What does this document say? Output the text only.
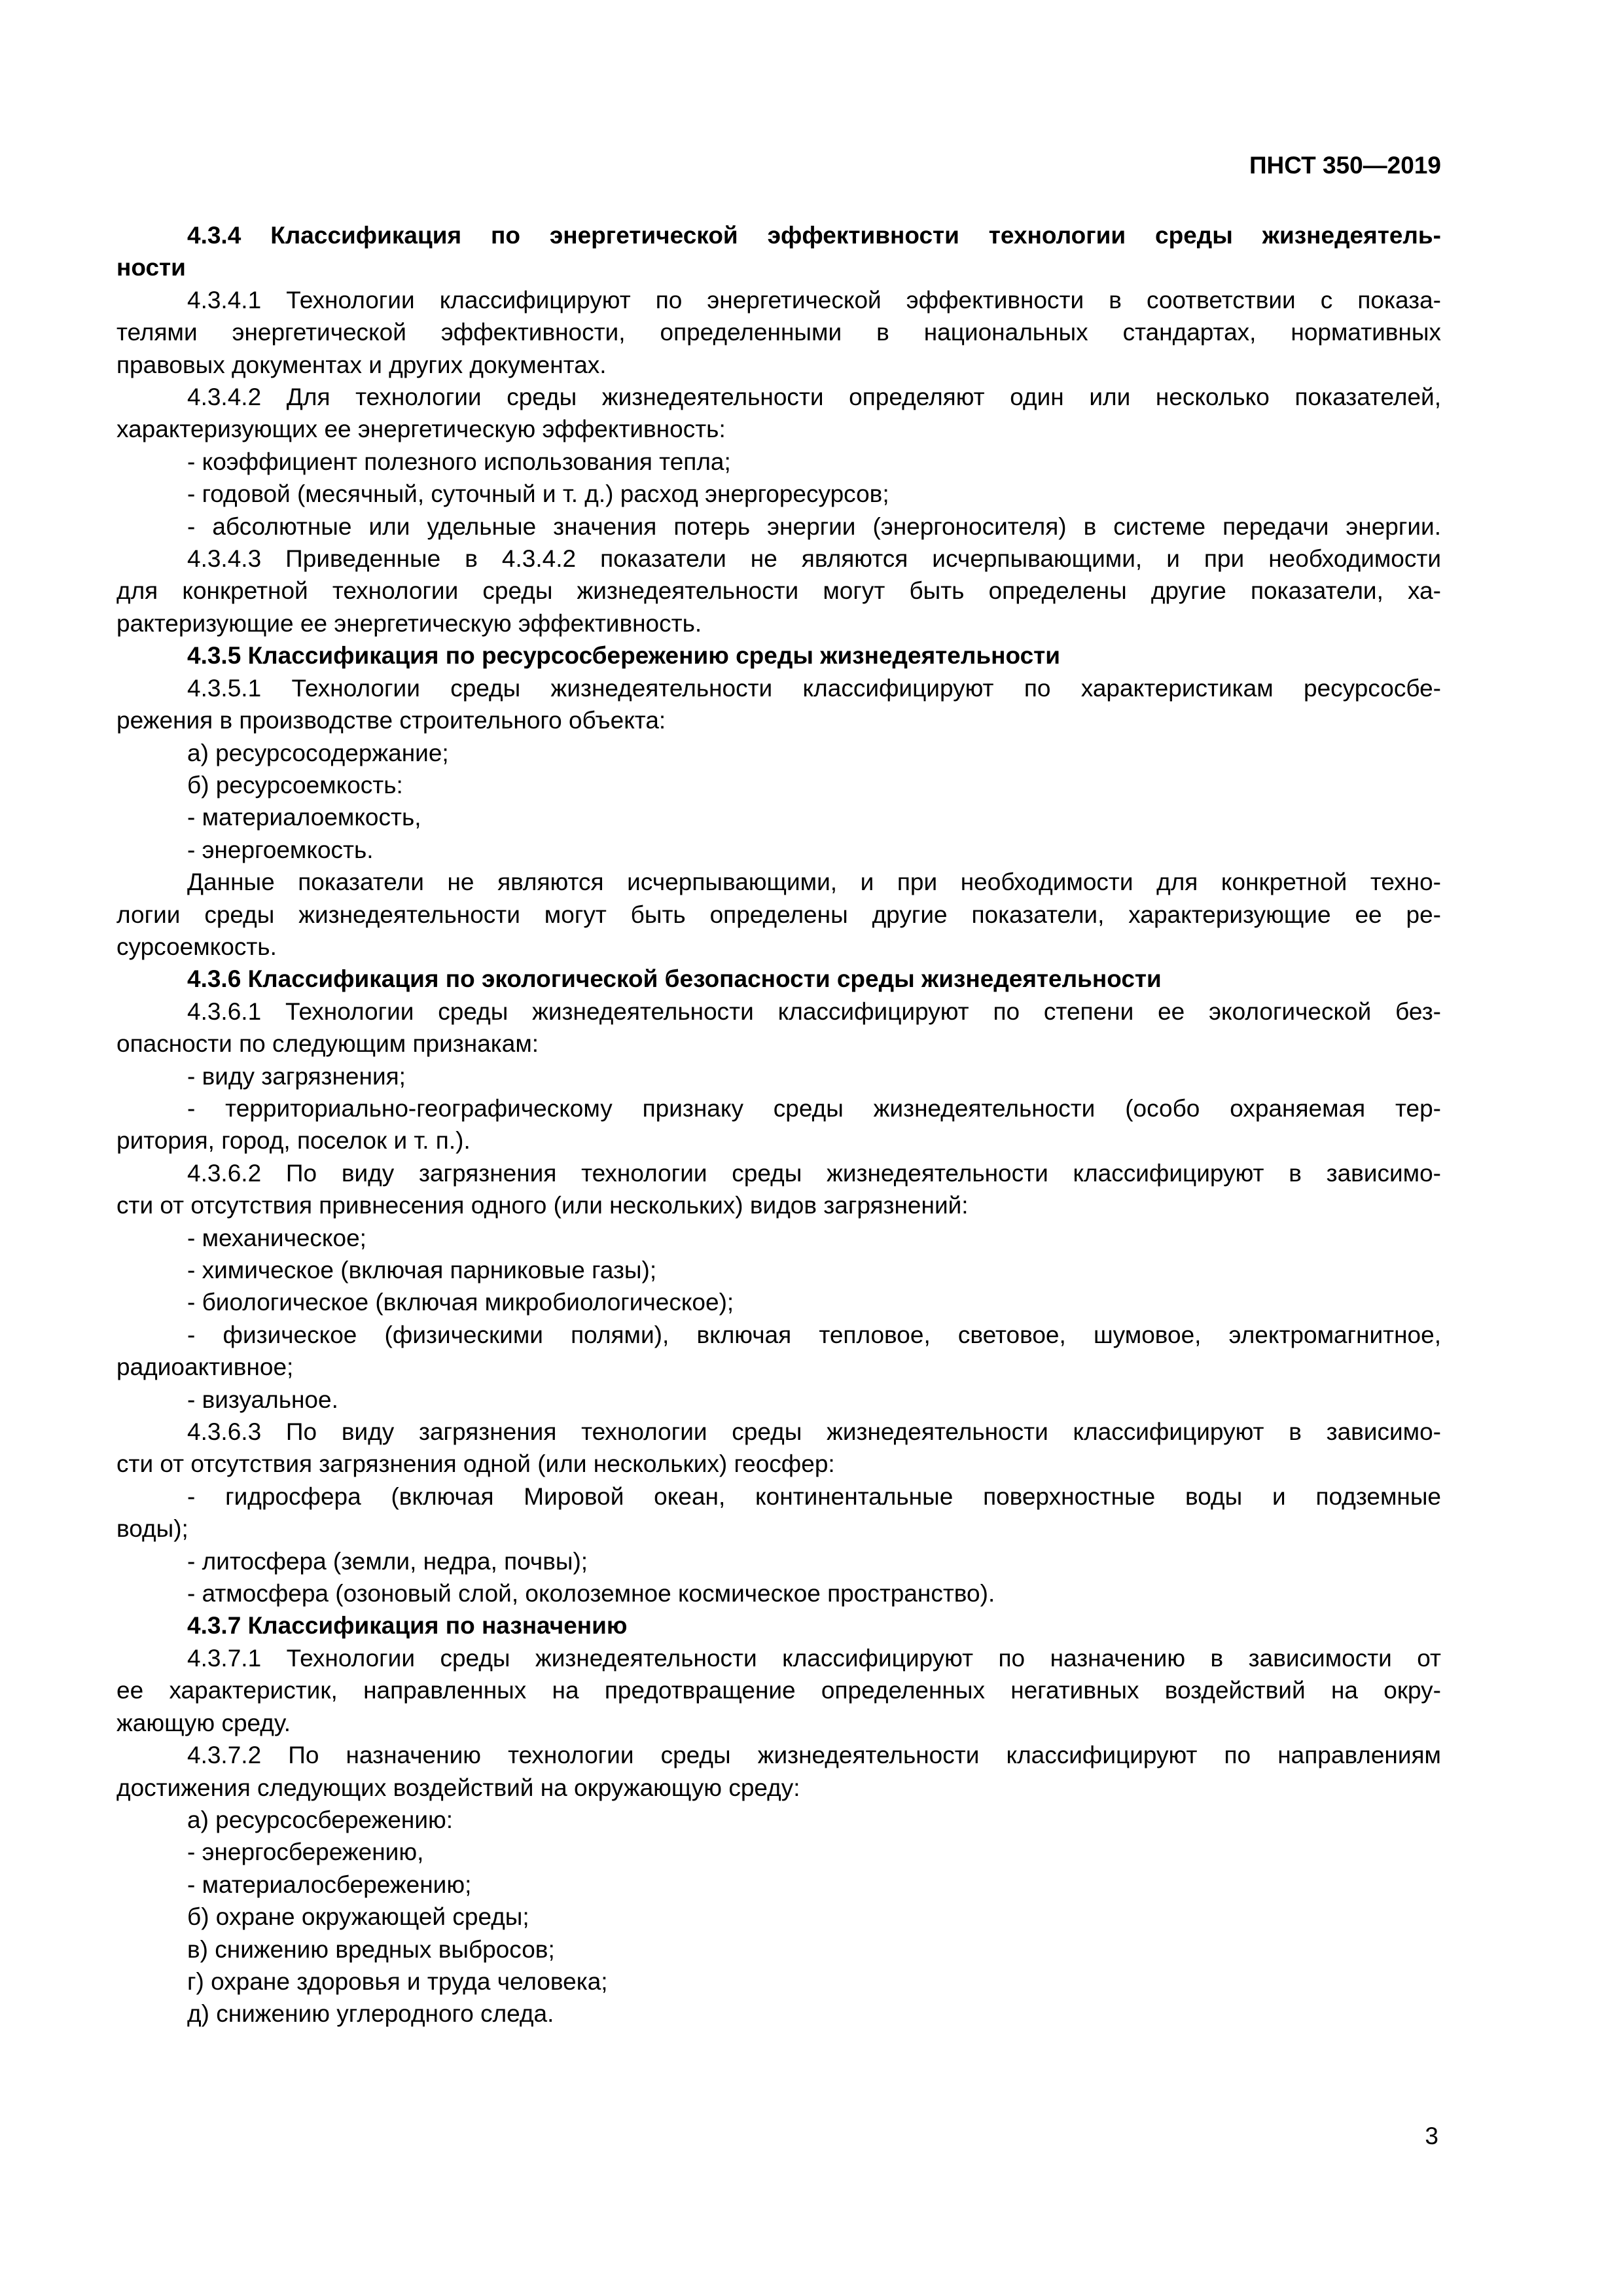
ПНСТ 350—2019
4.3.4 Классификация по энергетической эффективности технологии среды жизнедеятель-
ности
4.3.4.1 Технологии классифицируют по энергетической эффективности в соответствии с показа-
телями энергетической эффективности, определенными в национальных стандартах, нормативных
правовых документах и других документах.
4.3.4.2 Для технологии среды жизнедеятельности определяют один или несколько показателей,
характеризующих ее энергетическую эффективность:
- коэффициент полезного использования тепла;
- годовой (месячный, суточный и т. д.) расход энергоресурсов;
- абсолютные или удельные значения потерь энергии (энергоносителя) в системе передачи энергии.
4.3.4.3 Приведенные в 4.3.4.2 показатели не являются исчерпывающими, и при необходимости
для конкретной технологии среды жизнедеятельности могут быть определены другие показатели, ха-
рактеризующие ее энергетическую эффективность.
4.3.5 Классификация по ресурсосбережению среды жизнедеятельности
4.3.5.1 Технологии среды жизнедеятельности классифицируют по характеристикам ресурсосбе-
режения в производстве строительного объекта:
а) ресурсосодержание;
б) ресурсоемкость:
- материалоемкость,
- энергоемкость.
Данные показатели не являются исчерпывающими, и при необходимости для конкретной техно-
логии среды жизнедеятельности могут быть определены другие показатели, характеризующие ее ре-
сурсоемкость.
4.3.6 Классификация по экологической безопасности среды жизнедеятельности
4.3.6.1 Технологии среды жизнедеятельности классифицируют по степени ее экологической без-
опасности по следующим признакам:
- виду загрязнения;
- территориально-географическому признаку среды жизнедеятельности (особо охраняемая тер-
ритория, город, поселок и т. п.).
4.3.6.2 По виду загрязнения технологии среды жизнедеятельности классифицируют в зависимо-
сти от отсутствия привнесения одного (или нескольких) видов загрязнений:
- механическое;
- химическое (включая парниковые газы);
- биологическое (включая микробиологическое);
- физическое (физическими полями), включая тепловое, световое, шумовое, электромагнитное,
радиоактивное;
- визуальное.
4.3.6.3 По виду загрязнения технологии среды жизнедеятельности классифицируют в зависимо-
сти от отсутствия загрязнения одной (или нескольких) геосфер:
- гидросфера (включая Мировой океан, континентальные поверхностные воды и подземные
воды);
- литосфера (земли, недра, почвы);
- атмосфера (озоновый слой, околоземное космическое пространство).
4.3.7 Классификация по назначению
4.3.7.1 Технологии среды жизнедеятельности классифицируют по назначению в зависимости от
ее характеристик, направленных на предотвращение определенных негативных воздействий на окру-
жающую среду.
4.3.7.2 По назначению технологии среды жизнедеятельности классифицируют по направлениям
достижения следующих воздействий на окружающую среду:
а) ресурсосбережению:
- энергосбережению,
- материалосбережению;
б) охране окружающей среды;
в) снижению вредных выбросов;
г) охране здоровья и труда человека;
д) снижению углеродного следа.
3
